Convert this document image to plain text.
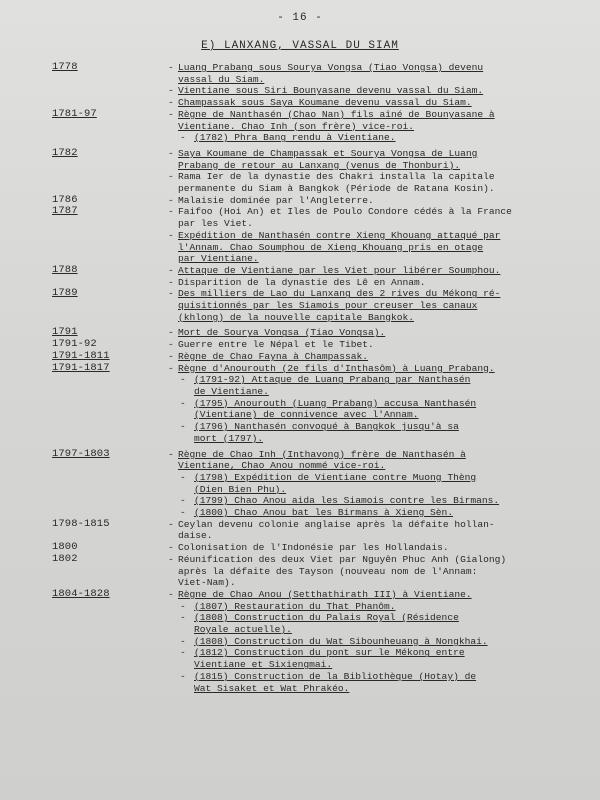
- 16 -
E) LANXANG, VASSAL DU SIAM
1778	- Luang Prabang sous Sourya Vongsa (Tiao Vongsa) devenu
vassal du Siam.
- Vientiane sous Siri Bounyasane devenu vassal du Siam.
- Champassak sous Saya Koumane devenu vassal du Siam.
1781-97	- Règne de Nanthasén (Chao Nan) fils aîné de Bounyasane à
Vientiane. Chao Inh (son frère) vice-roi.
- (1782) Phra Bang rendu à Vientiane.
1782	- Saya Koumane de Champassak et Sourya Vongsa de Luang
Prabang de retour au Lanxang (venus de Thonburi).
- Rama Ier de la dynastie des Chakri installa la capitale
permanente du Siam à Bangkok (Période de Ratana Kosin).
1786	- Malaisie dominée par l'Angleterre.
1787	- Faifoo (Hoi An) et Iles de Poulo Condore cédés à la France
par les Viet.
- Expédition de Nanthasén contre Xieng Khouang attaqué par
l'Annam. Chao Soumphou de Xieng Khouang pris en otage
par Vientiane.
1788	- Attaque de Vientiane par les Viet pour libérer Soumphou.
- Disparition de la dynastie des Lê en Annam.
1789	- Des milliers de Lao du Lanxang des 2 rives du Mékong ré-
quisitionnés par les Siamois pour creuser les canaux
(khlong) de la nouvelle capitale Bangkok.
1791	- Mort de Sourya Vongsa (Tiao Vongsa).
1791-92	- Guerre entre le Népal et le Tibet.
1791-1811	- Règne de Chao Fayna à Champassak.
1791-1817	- Règne d'Anourouth (2e fils d'Inthasôm) à Luang Prabang.
- (1791-92) Attaque de Luang Prabang par Nanthasén
de Vientiane.
- (1795) Anourouth (Luang Prabang) accusa Nanthasén
(Vientiane) de connivence avec l'Annam.
- (1796) Nanthasén convoqué à Bangkok jusqu'à sa
mort (1797).
1797-1803	- Règne de Chao Inh (Inthavong) frère de Nanthasén à
Vientiane, Chao Anou nommé vice-roi.
- (1798) Expédition de Vientiane contre Muong Thèng
(Dien Bien Phu).
- (1799) Chao Anou aida les Siamois contre les Birmans.
- (1800) Chao Anou bat les Birmans à Xieng Sèn.
1798-1815	- Ceylan devenu colonie anglaise après la défaite hollan-
daise.
1800	- Colonisation de l'Indonésie par les Hollandais.
1802	- Réunification des deux Viet par Nguyên Phuc Anh (Gialong)
après la défaite des Tayson (nouveau nom de l'Annam:
Viet-Nam).
1804-1828	- Règne de Chao Anou (Setthathirath III) à Vientiane.
- (1807) Restauration du That Phanôm.
- (1808) Construction du Palais Royal (Résidence
Royale actuelle).
- (1808) Construction du Wat Sibounheuang à Nongkhai.
- (1812) Construction du pont sur le Mékong entre
Vientiane et Sixiengmai.
- (1815) Construction de la Bibliothèque (Hotay) de
Wat Sisaket et Wat Phrakéo.
